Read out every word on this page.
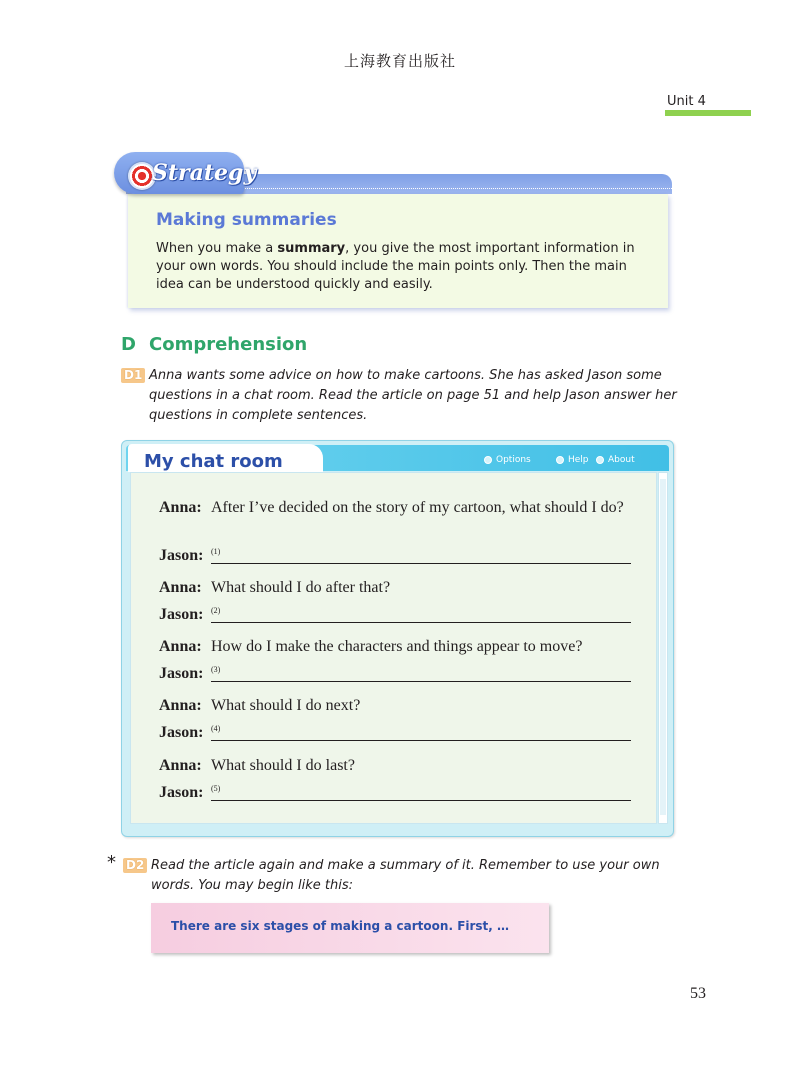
上海教育出版社
Unit 4
Strategy
Making summaries
When you make a summary, you give the most important information in your own words. You should include the main points only. Then the main idea can be understood quickly and easily.
D Comprehension
D1 Anna wants some advice on how to make cartoons. She has asked Jason some questions in a chat room. Read the article on page 51 and help Jason answer her questions in complete sentences.
Options	Help	About
My chat room
Anna: After I’ve decided on the story of my cartoon, what should I do?
Jason: (1)
Anna: What should I do after that?
Jason: (2)
Anna: How do I make the characters and things appear to move?
Jason: (3)
Anna: What should I do next?
Jason: (4)
Anna: What should I do last?
Jason: (5)
* D2 Read the article again and make a summary of it. Remember to use your own words. You may begin like this:
There are six stages of making a cartoon. First, …
53
